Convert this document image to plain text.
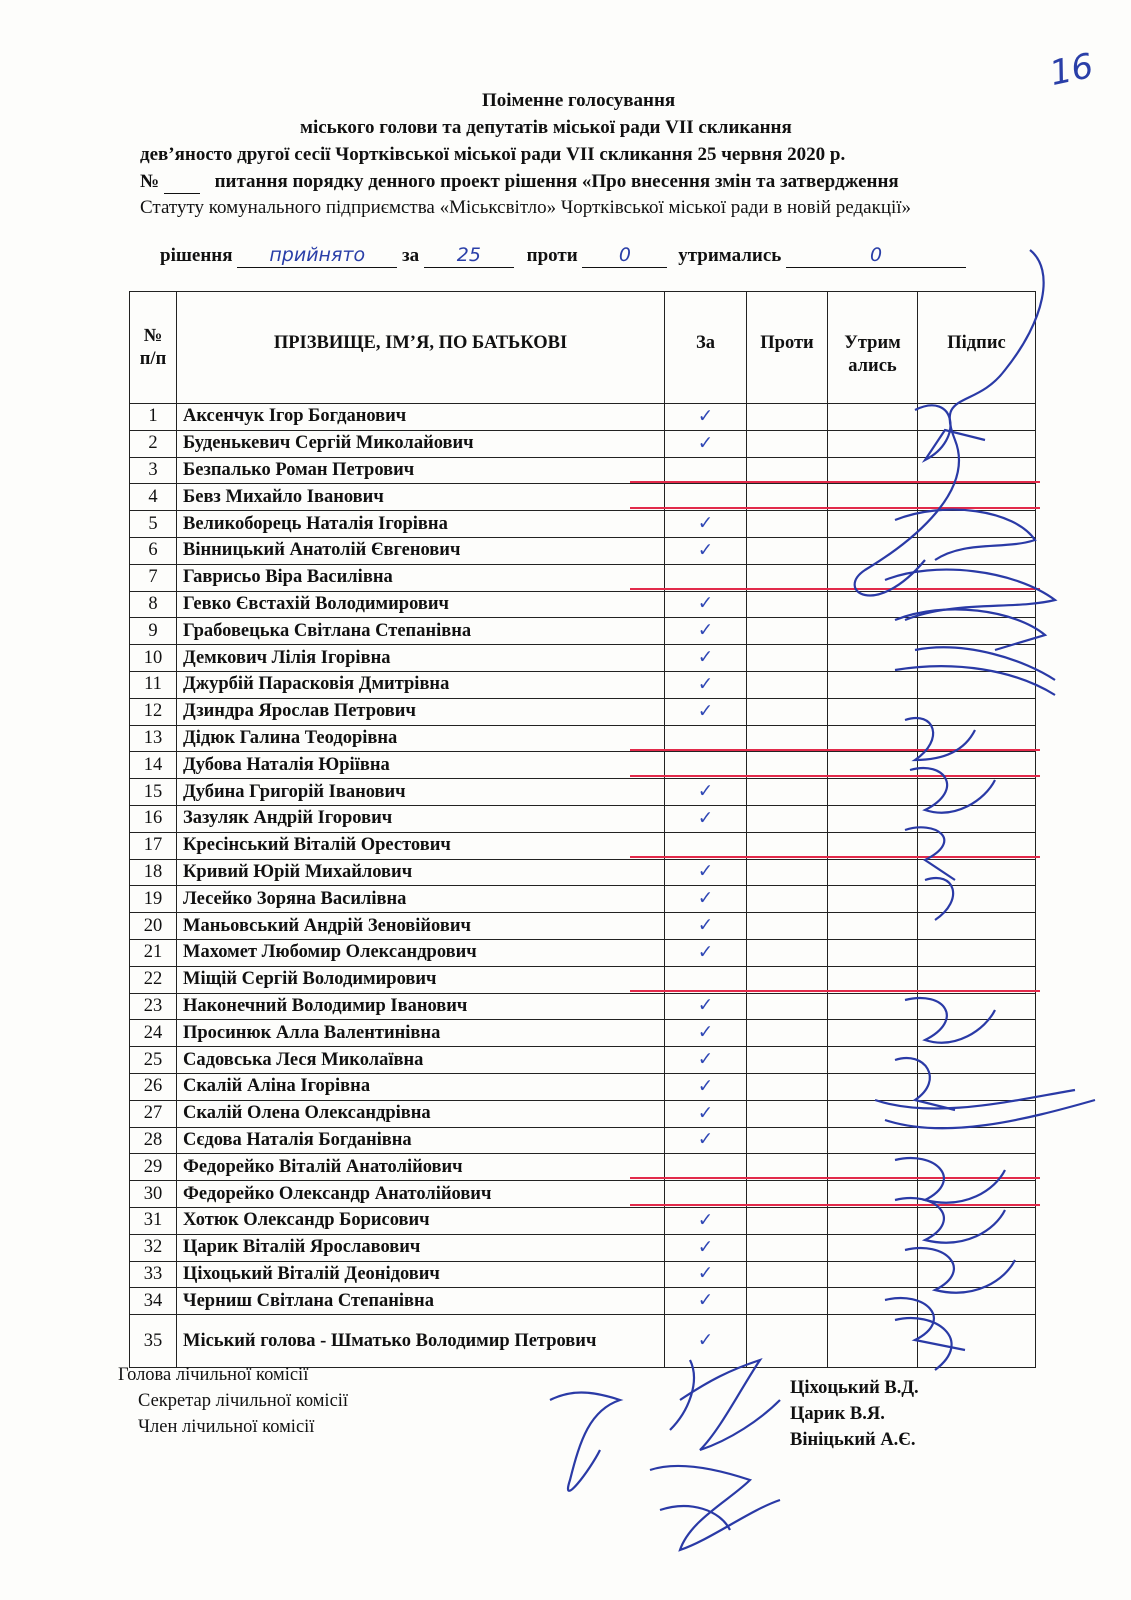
16
Поіменне голосування
міського голови та депутатів міської ради VII скликання
дев’яносто другої сесії Чортківської міської ради VII скликання 25 червня 2020 р.
№	питання порядку денного проект рішення «Про внесення змін та затвердження
Статуту комунального підприємства «Міськсвітло» Чортківської міської ради в новій редакції»
рішення прийнято за 25 проти 0 утримались	0
№ п/п	ПРІЗВИЩЕ, ІМ’Я, ПО БАТЬКОВІ	За	Проти	Утримались	Підпис
1	Аксенчук Ігор Богданович	✓			
2	Буденькевич Сергій Миколайович	✓			
3	Безпалько Роман Петрович				
4	Бевз Михайло Іванович				
5	Великоборець Наталія Ігорівна	✓			
6	Вінницький Анатолій Євгенович	✓			
7	Гаврисьо Віра Василівна				
8	Гевко Євстахій Володимирович	✓			
9	Грабовецька Світлана Степанівна	✓			
10	Демкович Лілія Ігорівна	✓			
11	Джурбій Парасковія Дмитрівна	✓			
12	Дзиндра Ярослав Петрович	✓			
13	Дідюк Галина Теодорівна				
14	Дубова Наталія Юріївна				
15	Дубина Григорій Іванович	✓			
16	Зазуляк Андрій Ігорович	✓			
17	Кресінський Віталій Орестович				
18	Кривий Юрій Михайлович	✓			
19	Лесейко Зоряна Василівна	✓			
20	Маньовський Андрій Зеновійович	✓			
21	Махомет Любомир Олександрович	✓			
22	Міщій Сергій Володимирович				
23	Наконечний Володимир Іванович	✓			
24	Просинюк Алла Валентинівна	✓			
25	Садовська Леся Миколаївна	✓			
26	Скалій Аліна Ігорівна	✓			
27	Скалій Олена Олександрівна	✓			
28	Сєдова Наталія Богданівна	✓			
29	Федорейко Віталій Анатолійович				
30	Федорейко Олександр Анатолійович				
31	Хотюк Олександр Борисович	✓			
32	Царик Віталій Ярославович	✓			
33	Ціхоцький Віталій Деонідович	✓			
34	Черниш Світлана Степанівна	✓			
35	Міський голова - Шматько Володимир Петрович	✓			
Голова лічильної комісії
Секретар лічильної комісії
Член лічильної комісії
Ціхоцький В.Д.
Царик В.Я.
Вініцький А.Є.
